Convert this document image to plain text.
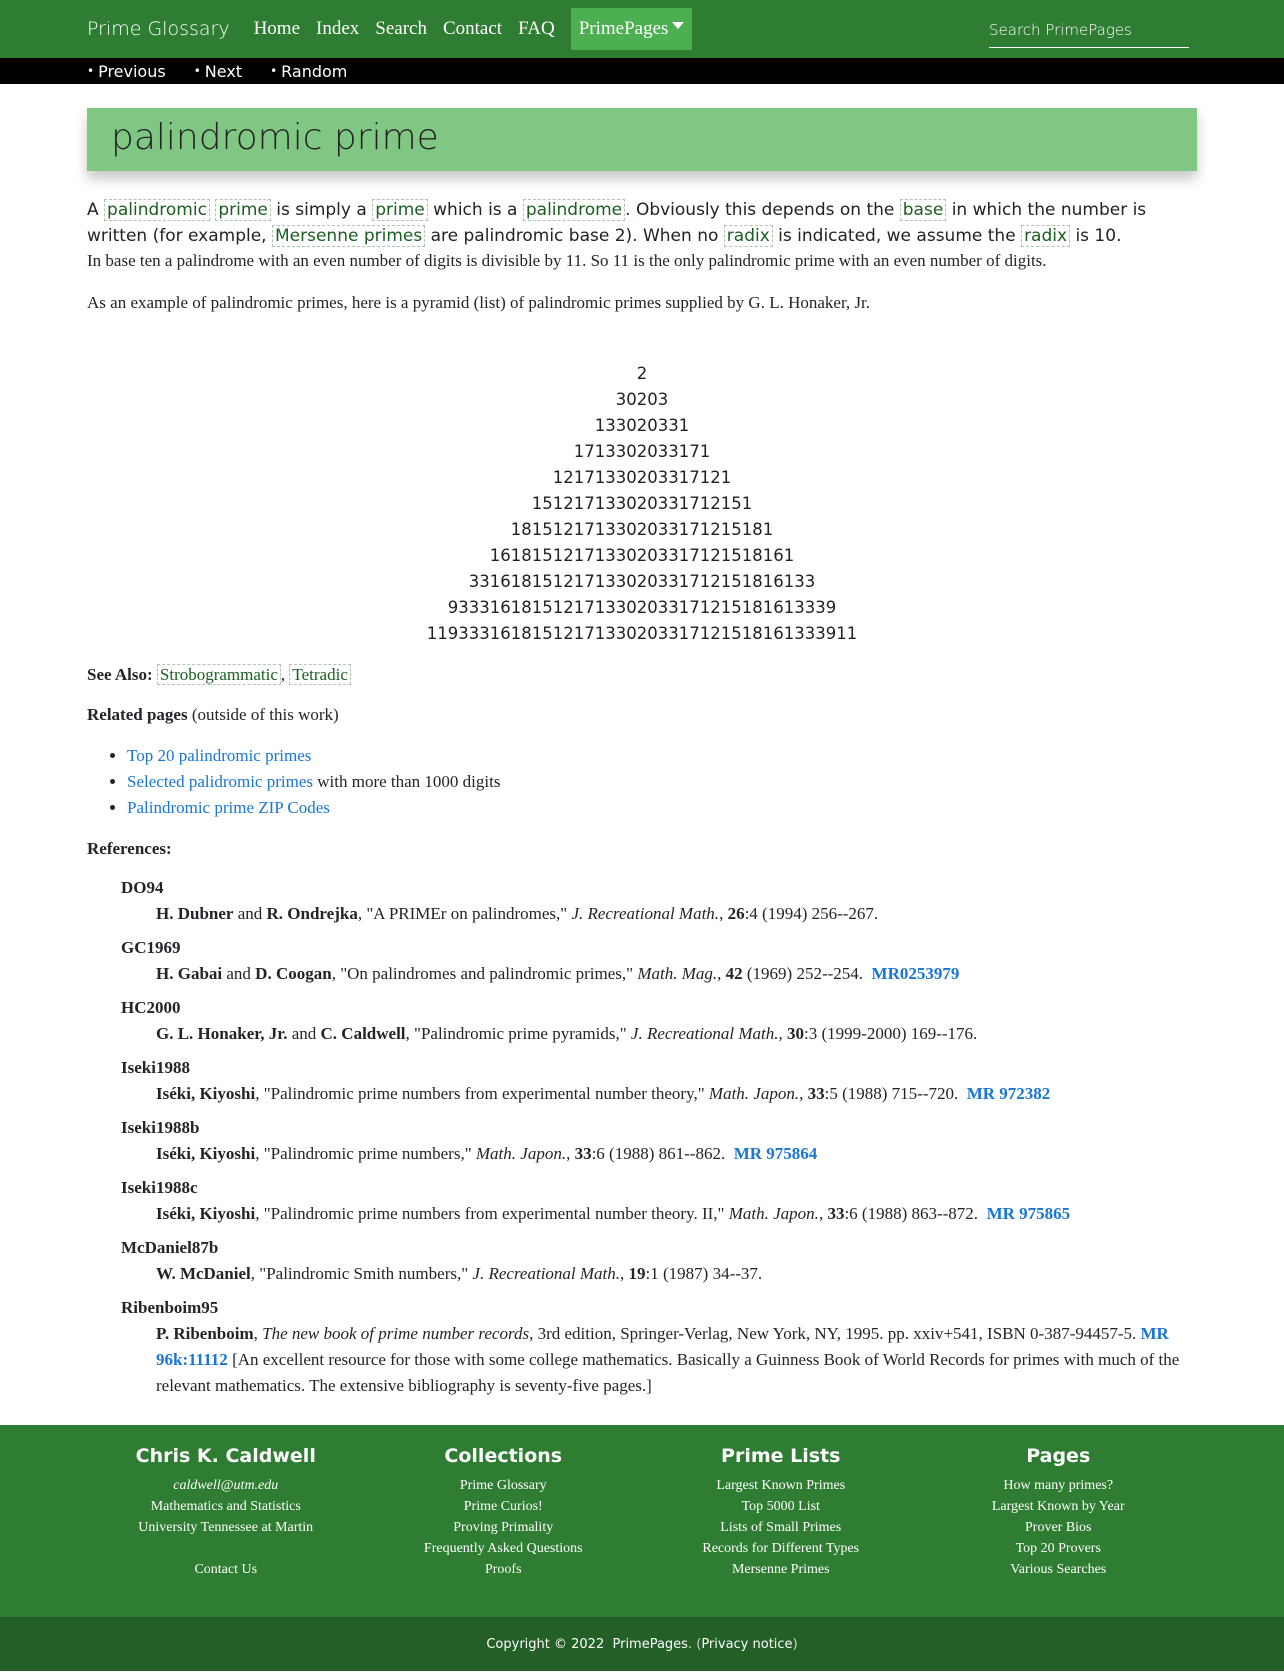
Prime Glossary Home Index Search Contact FAQ PrimePages
Search PrimePages
• Previous • Next • Random
palindromic prime
A palindromic prime is simply a prime which is a palindrome . Obviously this depends on the base in which the number is written (for example, Mersenne primes are palindromic base 2). When no radix is indicated, we assume the radix is 10.

In base ten a palindrome with an even number of digits is divisible by 11. So 11 is the only palindromic prime with an even number of digits.

As an example of palindromic primes, here is a pyramid (list) of palindromic primes supplied by G. L. Honaker, Jr.

2
30203
133020331
1713302033171
12171330203317121
151217133020331712151
1815121713302033171215181
16181512171330203317121518161
331618151217133020331712151816133
9333161815121713302033171215181613339
11933316181512171330203317121518161333911
See Also: Strobogrammatic , Tetradic
Related pages (outside of this work)
• Top 20 palindromic primes
• Selected palidromic primes with more than 1000 digits
• Palindromic prime ZIP Codes
References:
DO94
H. Dubner and R. Ondrejka, "A PRIMEr on palindromes," J. Recreational Math., 26:4 (1994) 256--267.
GC1969
H. Gabai and D. Coogan, "On palindromes and palindromic primes," Math. Mag., 42 (1969) 252--254. MR0253979
HC2000
G. L. Honaker, Jr. and C. Caldwell, "Palindromic prime pyramids," J. Recreational Math., 30:3 (1999-2000) 169--176.
Iseki1988
Iséki, Kiyoshi, "Palindromic prime numbers from experimental number theory," Math. Japon., 33:5 (1988) 715--720. MR 972382
Iseki1988b
Iséki, Kiyoshi, "Palindromic prime numbers," Math. Japon., 33:6 (1988) 861--862. MR 975864
Iseki1988c
Iséki, Kiyoshi, "Palindromic prime numbers from experimental number theory. II," Math. Japon., 33:6 (1988) 863--872. MR 975865
McDaniel87b
W. McDaniel, "Palindromic Smith numbers," J. Recreational Math., 19:1 (1987) 34--37.
Ribenboim95
P. Ribenboim, The new book of prime number records, 3rd edition, Springer-Verlag, New York, NY, 1995. pp. xxiv+541, ISBN 0-387-94457-5. MR 96k:11112 [An excellent resource for those with some college mathematics. Basically a Guinness Book of World Records for primes with much of the relevant mathematics. The extensive bibliography is seventy-five pages.]
Chris K. Caldwell
caldwell@utm.edu
Mathematics and Statistics
University Tennessee at Martin

Contact Us
Collections
Prime Glossary
Prime Curios!
Proving Primality
Frequently Asked Questions
Proofs
Prime Lists
Largest Known Primes
Top 5000 List
Lists of Small Primes
Records for Different Types
Mersenne Primes
Pages
How many primes?
Largest Known by Year
Prover Bios
Top 20 Provers
Various Searches
Copyright © 2022
PrimePages . ( Privacy notice )
